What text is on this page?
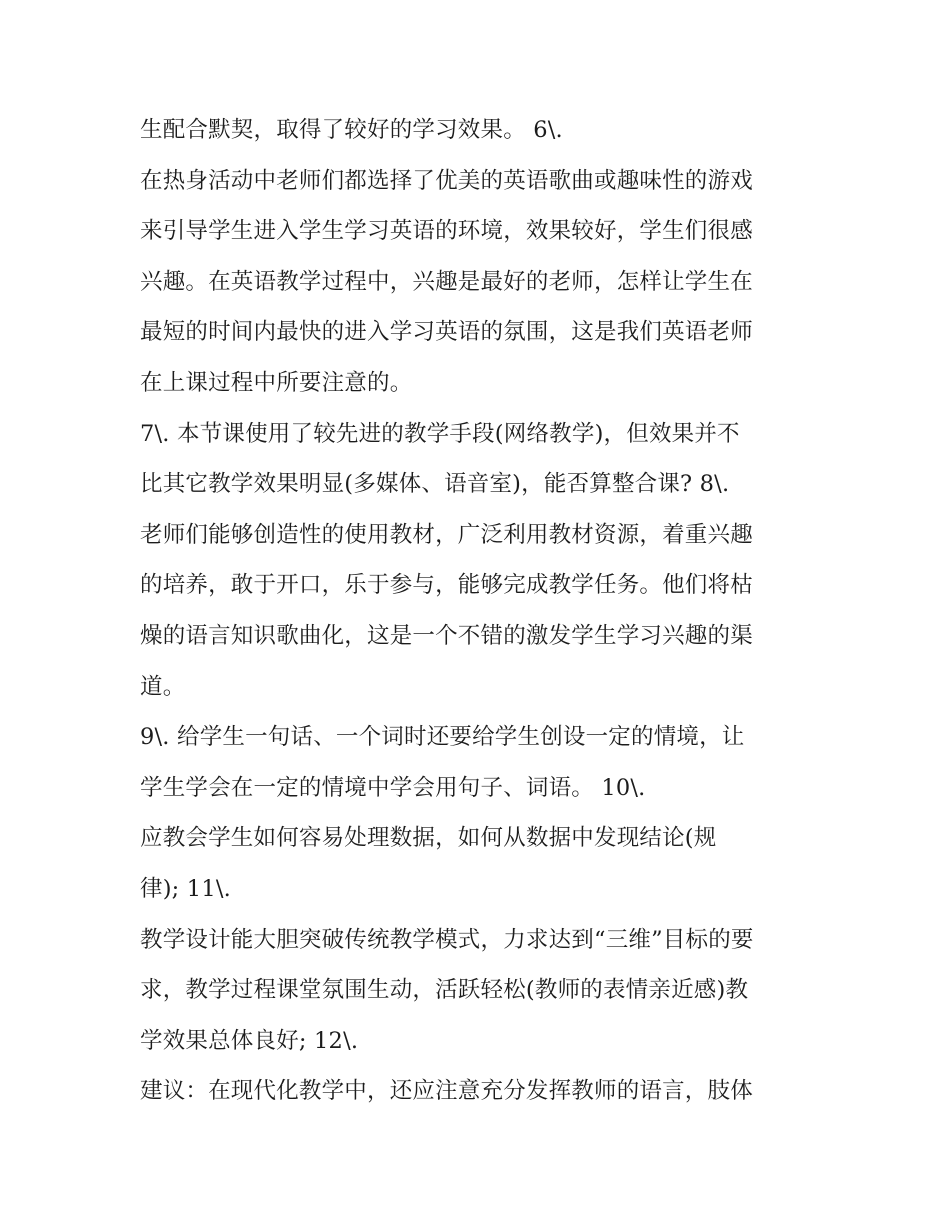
生配合默契，取得了较好的学习效果。 6\.
在热身活动中老师们都选择了优美的英语歌曲或趣味性的游戏
来引导学生进入学生学习英语的环境，效果较好，学生们很感
兴趣。在英语教学过程中，兴趣是最好的老师，怎样让学生在
最短的时间内最快的进入学习英语的氛围，这是我们英语老师
在上课过程中所要注意的。
7\. 本节课使用了较先进的教学手段(网络教学)，但效果并不
比其它教学效果明显(多媒体、语音室)，能否算整合课? 8\.
老师们能够创造性的使用教材，广泛利用教材资源，着重兴趣
的培养，敢于开口，乐于参与，能够完成教学任务。他们将枯
燥的语言知识歌曲化，这是一个不错的激发学生学习兴趣的渠
道。
9\. 给学生一句话、一个词时还要给学生创设一定的情境，让
学生学会在一定的情境中学会用句子、词语。 10\.
应教会学生如何容易处理数据，如何从数据中发现结论(规
律); 11\.
教学设计能大胆突破传统教学模式，力求达到“三维”目标的要
求，教学过程课堂氛围生动，活跃轻松(教师的表情亲近感)教
学效果总体良好; 12\.
建议：在现代化教学中，还应注意充分发挥教师的语言，肢体
